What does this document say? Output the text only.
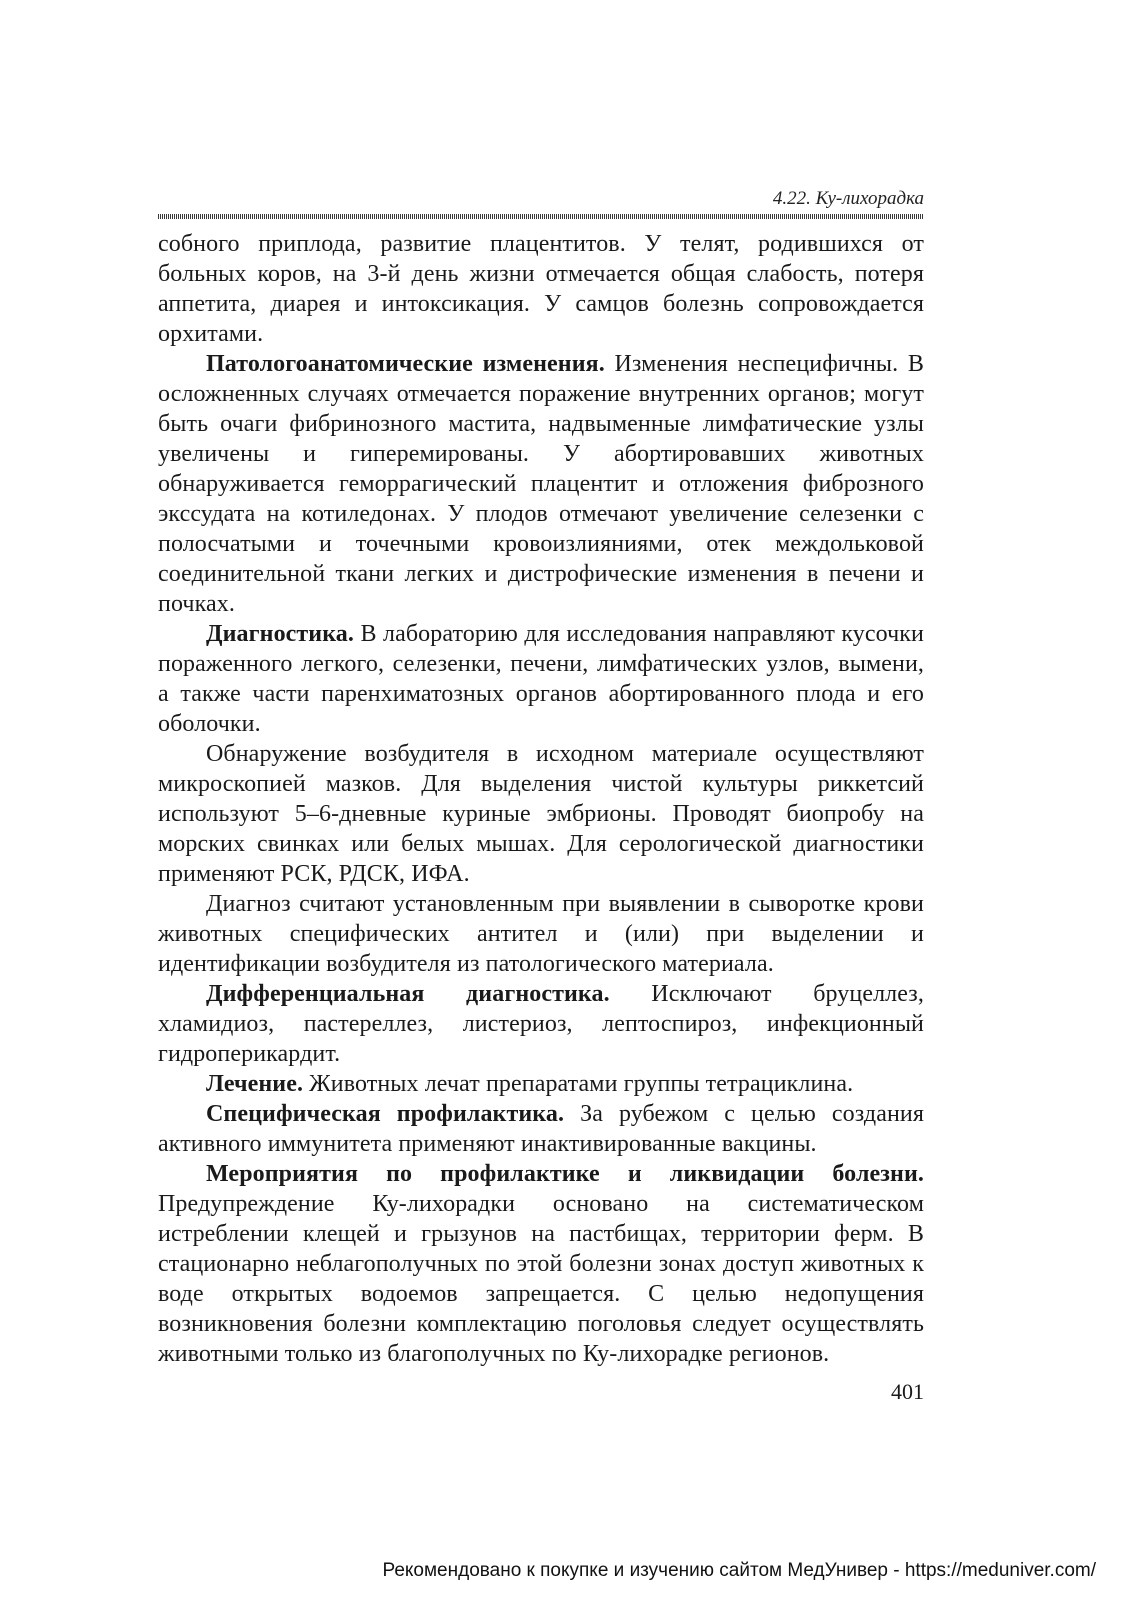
4.22. Ку-лихорадка

собного приплода, развитие плацентитов. У телят, родившихся от больных коров, на 3-й день жизни отмечается общая слабость, потеря аппетита, диарея и интоксикация. У самцов болезнь сопровождается орхитами.

Патологоанатомические изменения. Изменения неспецифичны. В осложненных случаях отмечается поражение внутренних органов; могут быть очаги фибринозного мастита, надвыменные лимфатические узлы увеличены и гиперемированы. У абортировавших животных обнаруживается геморрагический плацентит и отложения фиброзного экссудата на котиледонах. У плодов отмечают увеличение селезенки с полосчатыми и точечными кровоизлияниями, отек междольковой соединительной ткани легких и дистрофические изменения в печени и почках.

Диагностика. В лабораторию для исследования направляют кусочки пораженного легкого, селезенки, печени, лимфатических узлов, вымени, а также части паренхиматозных органов абортированного плода и его оболочки.

Обнаружение возбудителя в исходном материале осуществляют микроскопией мазков. Для выделения чистой культуры риккетсий используют 5–6-дневные куриные эмбрионы. Проводят биопробу на морских свинках или белых мышах. Для серологической диагностики применяют РСК, РДСК, ИФА.

Диагноз считают установленным при выявлении в сыворотке крови животных специфических антител и (или) при выделении и идентификации возбудителя из патологического материала.

Дифференциальная диагностика. Исключают бруцеллез, хламидиоз, пастереллез, листериоз, лептоспироз, инфекционный гидроперикардит.

Лечение. Животных лечат препаратами группы тетрациклина.

Специфическая профилактика. За рубежом с целью создания активного иммунитета применяют инактивированные вакцины.

Мероприятия по профилактике и ликвидации болезни. Предупреждение Ку-лихорадки основано на систематическом истреблении клещей и грызунов на пастбищах, территории ферм. В стационарно неблагополучных по этой болезни зонах доступ животных к воде открытых водоемов запрещается. С целью недопущения возникновения болезни комплектацию поголовья следует осуществлять животными только из благополучных по Ку-лихорадке регионов.

401
Рекомендовано к покупке и изучению сайтом МедУнивер - https://meduniver.com/
